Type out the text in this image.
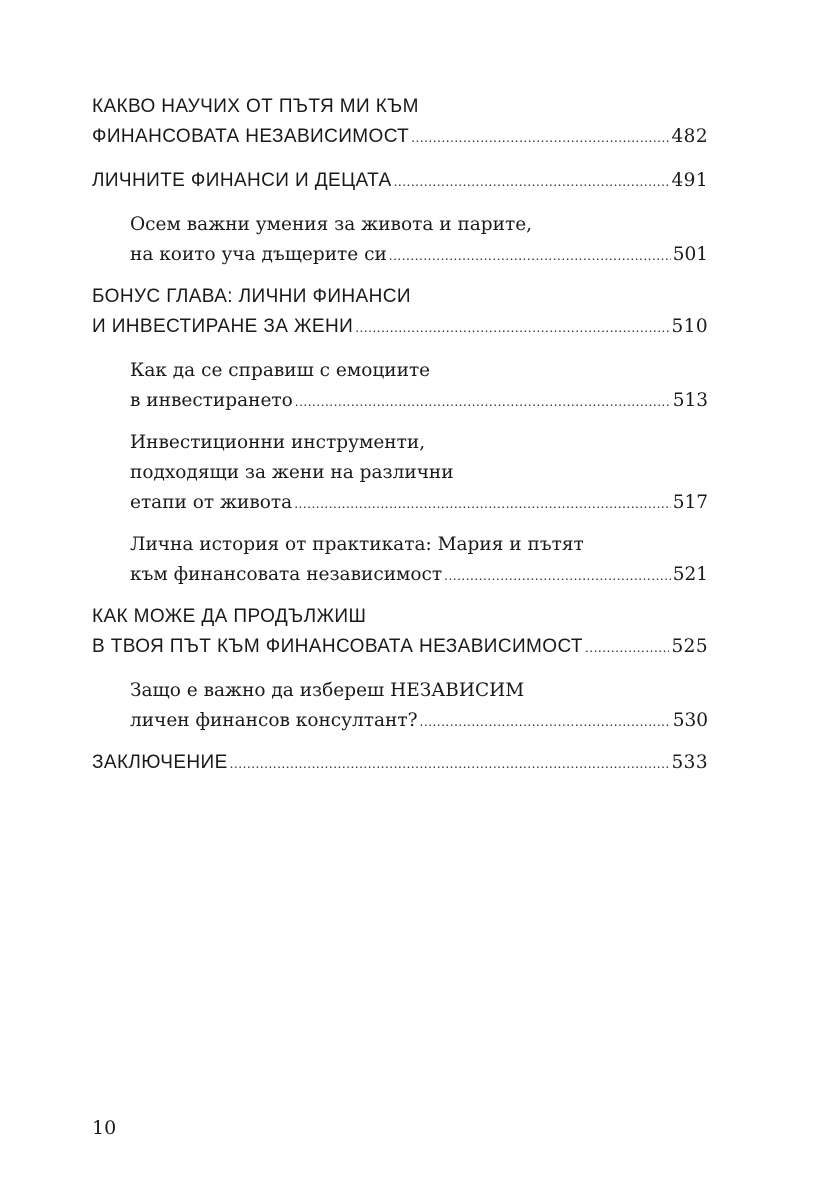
КАКВО НАУЧИХ ОТ ПЪТЯ МИ КЪМ
ФИНАНСОВАТА НЕЗАВИСИМОСТ .....	482
ЛИЧНИТЕ ФИНАНСИ И ДЕЦАТА .....	491
Осем важни умения за живота и парите,
на които уча дъщерите си .....	501
БОНУС ГЛАВА: ЛИЧНИ ФИНАНСИ
И ИНВЕСТИРАНЕ ЗА ЖЕНИ .....	510
Как да се справиш с емоциите
в инвестирането .....	513
Инвестиционни инструменти,
подходящи за жени на различни
етапи от живота .....	517
Лична история от практиката: Мария и пътят
към финансовата независимост .....	521
КАК МОЖЕ ДА ПРОДЪЛЖИШ
В ТВОЯ ПЪТ КЪМ ФИНАНСОВАТА НЕЗАВИСИМОСТ .....	525
Защо е важно да избереш НЕЗАВИСИМ
личен финансов консултант? .....	530
ЗАКЛЮЧЕНИЕ .....	533
10
